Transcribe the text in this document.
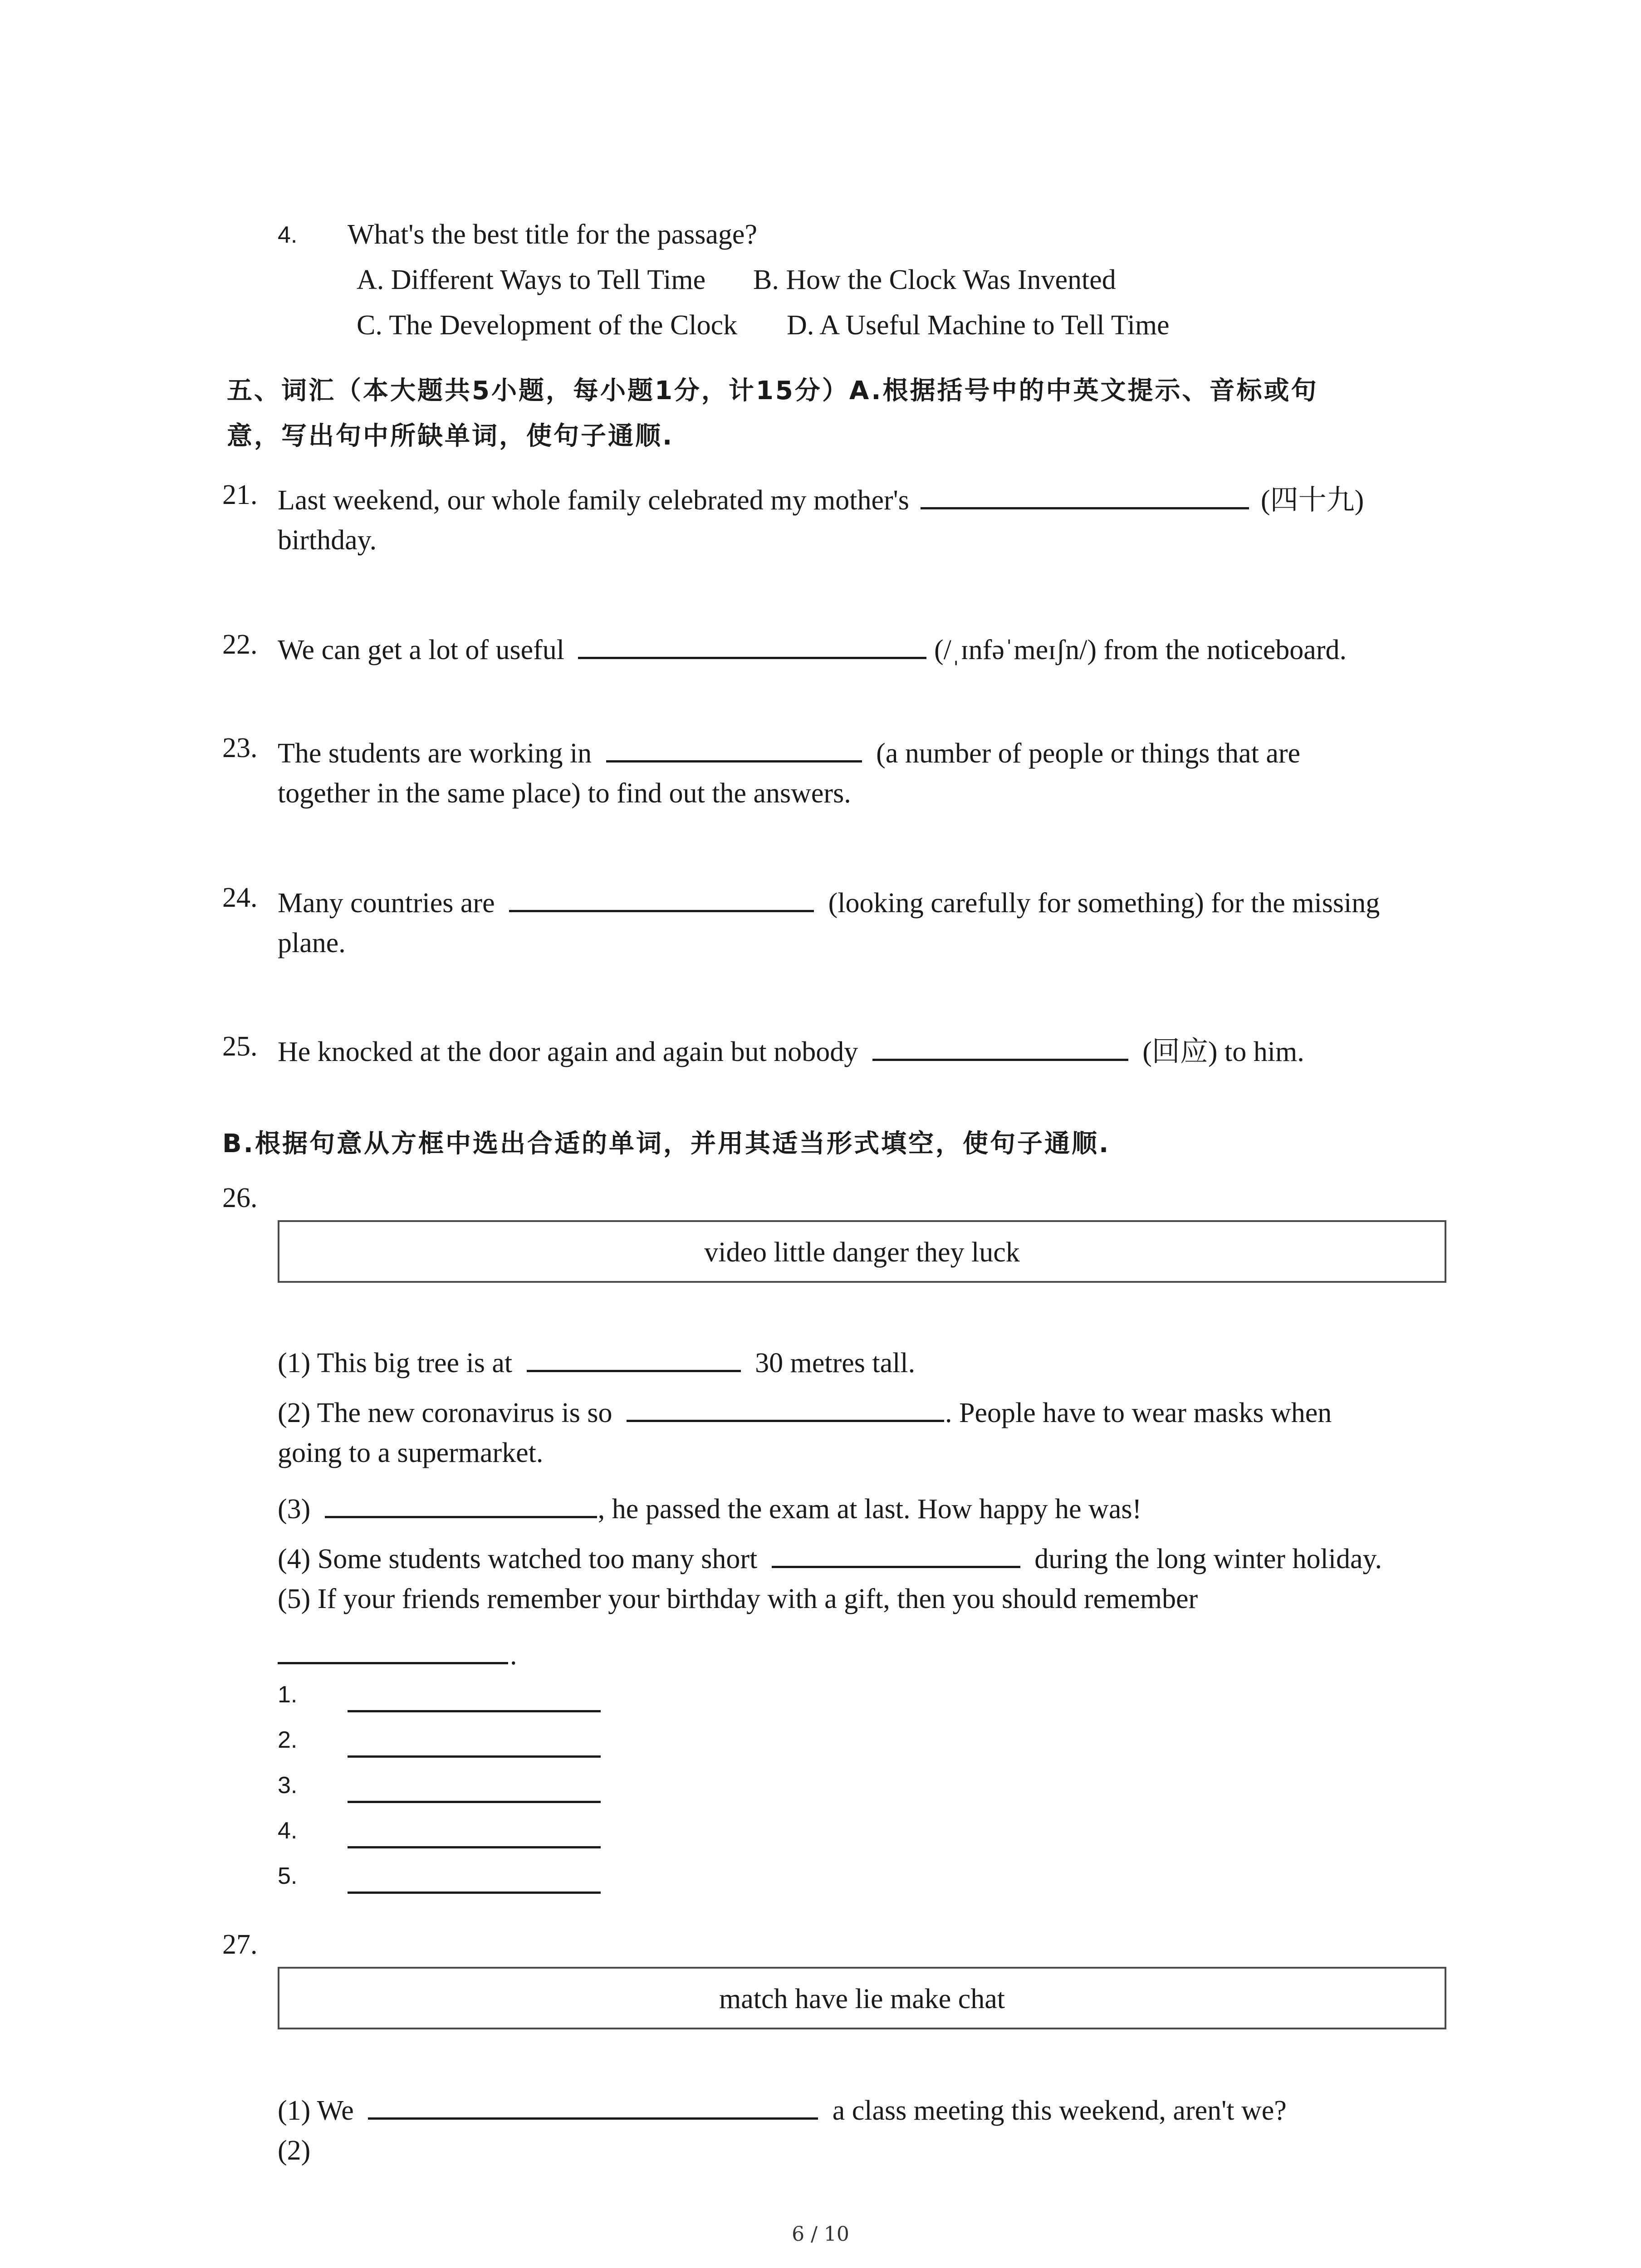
4. What's the best title for the passage?
A. Different Ways to Tell Time B. How the Clock Was Invented
C. The Development of the Clock D. A Useful Machine to Tell Time
五、词汇（本大题共5小题，每小题1分，计15分）A.根据括号中的中英文提示、音标或句
意，写出句中所缺单词，使句子通顺.
21. Last weekend, our whole family celebrated my mother's	(四十九)
birthday.
22. We can get a lot of useful	(/ˌɪnfəˈmeɪʃn/) from the noticeboard.
23. The students are working in	(a number of people or things that are
together in the same place) to find out the answers.
24. Many countries are	(looking carefully for something) for the missing
plane.
25. He knocked at the door again and again but nobody	(回应) to him.
B.根据句意从方框中选出合适的单词，并用其适当形式填空，使句子通顺.
26.
video little danger they luck
(1) This big tree is at	30 metres tall.
(2) The new coronavirus is so	. People have to wear masks when
going to a supermarket.
(3)	, he passed the exam at last. How happy he was!
(4) Some students watched too many short	during the long winter holiday.
(5) If your friends remember your birthday with a gift, then you should remember
.
1.
2.
3.
4.
5.
27.
match have lie make chat
(1) We	a class meeting this weekend, aren't we?
(2)
6 / 10
